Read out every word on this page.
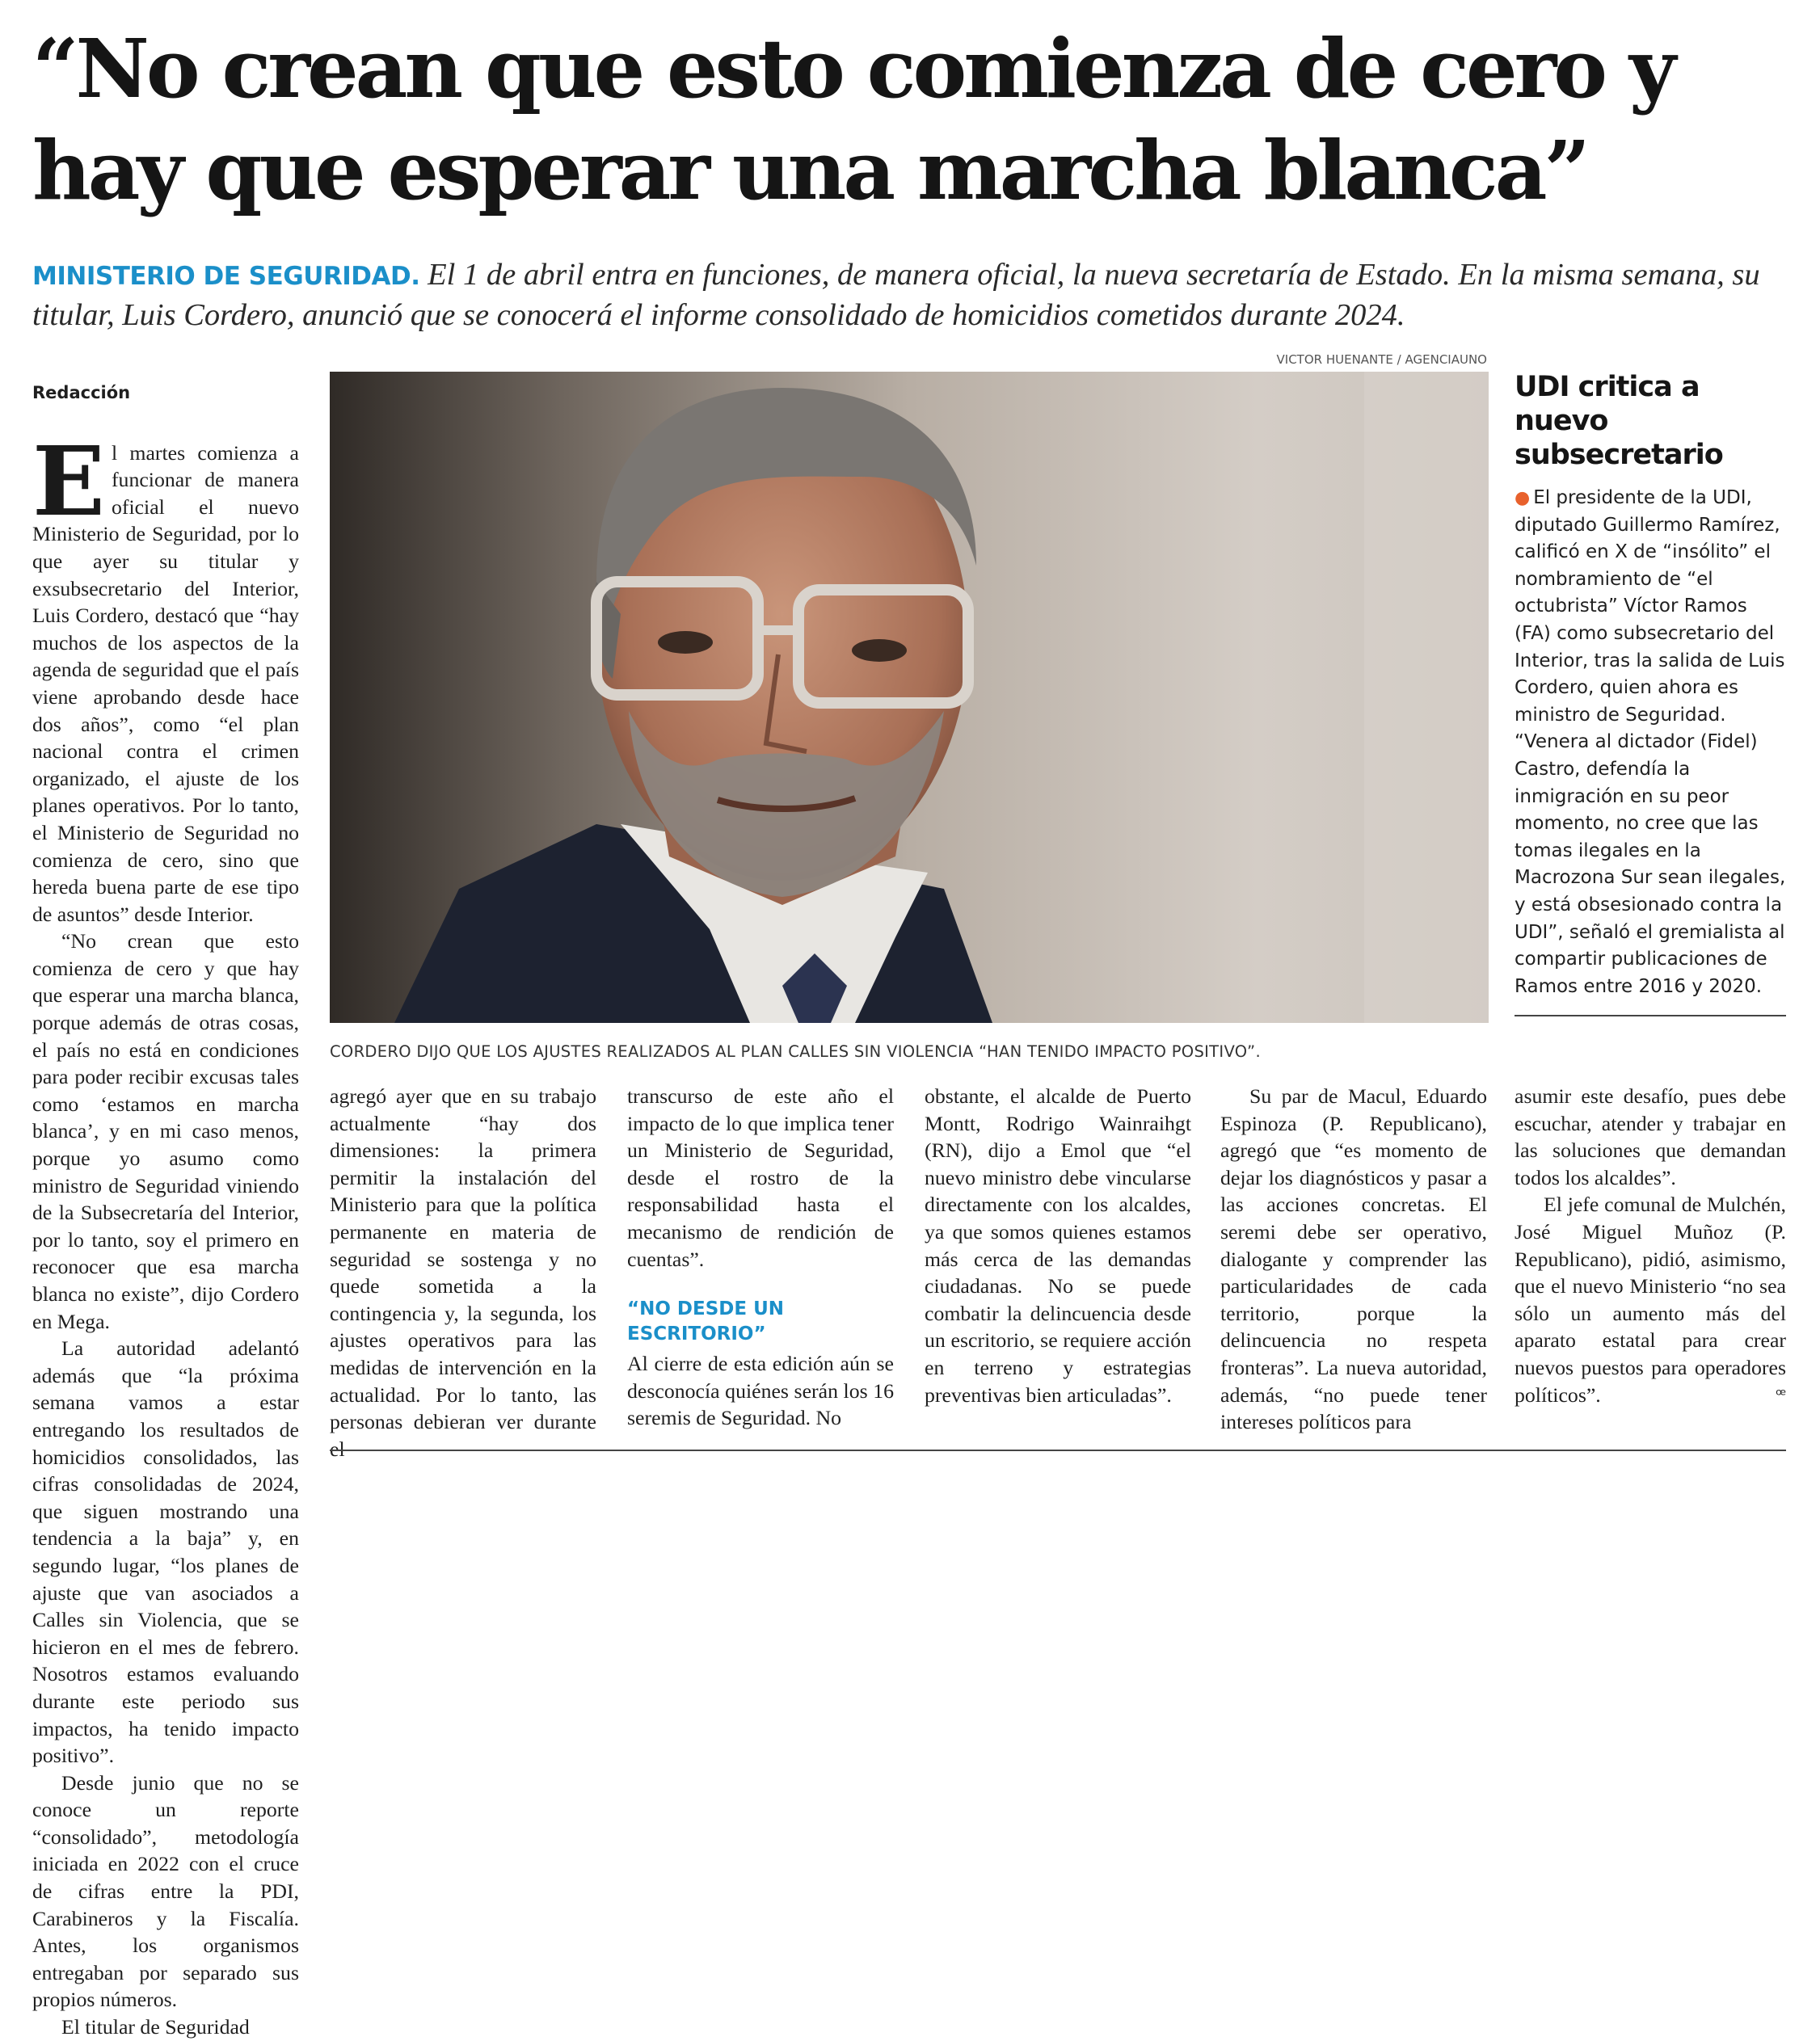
“No crean que esto comienza de cero y hay que esperar una marcha blanca”
MINISTERIO DE SEGURIDAD. El 1 de abril entra en funciones, de manera oficial, la nueva secretaría de Estado. En la misma semana, su titular, Luis Cordero, anunció que se conocerá el informe consolidado de homicidios cometidos durante 2024.
VICTOR HUENANTE / AGENCIAUNO
CORDERO DIJO QUE LOS AJUSTES REALIZADOS AL PLAN CALLES SIN VIOLENCIA “HAN TENIDO IMPACTO POSITIVO”.

Redacción

El martes comienza a funcionar de manera oficial el nuevo Ministerio de Seguridad, por lo que ayer su titular y exsubsecretario del Interior, Luis Cordero, destacó que “hay muchos de los aspectos de la agenda de seguridad que el país viene aprobando desde hace dos años”, como “el plan nacional contra el crimen organizado, el ajuste de los planes operativos. Por lo tanto, el Ministerio de Seguridad no comienza de cero, sino que hereda buena parte de ese tipo de asuntos” desde Interior.

“No crean que esto comienza de cero y que hay que esperar una marcha blanca, porque además de otras cosas, el país no está en condiciones para poder recibir excusas tales como ‘estamos en marcha blanca’, y en mi caso menos, porque yo asumo como ministro de Seguridad viniendo de la Subsecretaría del Interior, por lo tanto, soy el primero en reconocer que esa marcha blanca no existe”, dijo Cordero en Mega.

La autoridad adelantó además que “la próxima semana vamos a estar entregando los resultados de homicidios consolidados, las cifras consolidadas de 2024, que siguen mostrando una tendencia a la baja” y, en segundo lugar, “los planes de ajuste que van asociados a Calles sin Violencia, que se hicieron en el mes de febrero. Nosotros estamos evaluando durante este periodo sus impactos, ha tenido impacto positivo”.

Desde junio que no se conoce un reporte “consolidado”, metodología iniciada en 2022 con el cruce de cifras entre la PDI, Carabineros y la Fiscalía. Antes, los organismos entregaban por separado sus propios números.

El titular de Seguridad

agregó ayer que en su trabajo actualmente “hay dos dimensiones: la primera permitir la instalación del Ministerio para que la política permanente en materia de seguridad se sostenga y no quede sometida a la contingencia y, la segunda, los ajustes operativos para las medidas de intervención en la actualidad. Por lo tanto, las personas debieran ver durante

transcurso de este año el impacto de lo que implica tener un Ministerio de Seguridad, desde el rostro de la responsabilidad hasta el mecanismo de rendición de cuentas”.

“NO DESDE UN ESCRITORIO”

Al cierre de esta edición aún se desconocía quiénes serán los 16 seremis de Seguridad. No

obstante, el alcalde de Puerto Montt, Rodrigo Wainraihgt (RN), dijo a Emol que “el nuevo ministro debe vincularse directamente con los alcaldes, ya que somos quienes estamos más cerca de las demandas ciudadanas. No se puede combatir la delincuencia desde un escritorio, se requiere acción en terreno y estrategias preventivas bien articuladas”.

Su par de Macul, Eduardo Espinoza (P. Republicano), agregó que “es momento de dejar los diagnósticos y pasar a las acciones concretas. El seremi debe ser operativo, dialogante y comprender las particularidades de cada territorio, porque la delincuencia no respeta fronteras”. La nueva autoridad, además, “no puede tener intereses políticos para

asumir este desafío, pues debe escuchar, atender y trabajar en las soluciones que demandan todos los alcaldes”.

El jefe comunal de Mulchén, José Miguel Muñoz (P. Republicano), pidió, asimismo, que el nuevo Ministerio “no sea sólo un aumento más del aparato estatal para crear nuevos puestos para operadores políticos”.	ꟹ

UDI critica a nuevo subsecretario

● El presidente de la UDI, diputado Guillermo Ramírez, calificó en X de “insólito” el nombramiento de “el octubrista” Víctor Ramos (FA) como subsecretario del Interior, tras la salida de Luis Cordero, quien ahora es ministro de Seguridad. “Venera al dictador (Fidel) Castro, defendía la inmigración en su peor momento, no cree que las tomas ilegales en la Macrozona Sur sean ilegales, y está obsesionado contra la UDI”, señaló el gremialista al compartir publicaciones de Ramos entre 2016 y 2020.
